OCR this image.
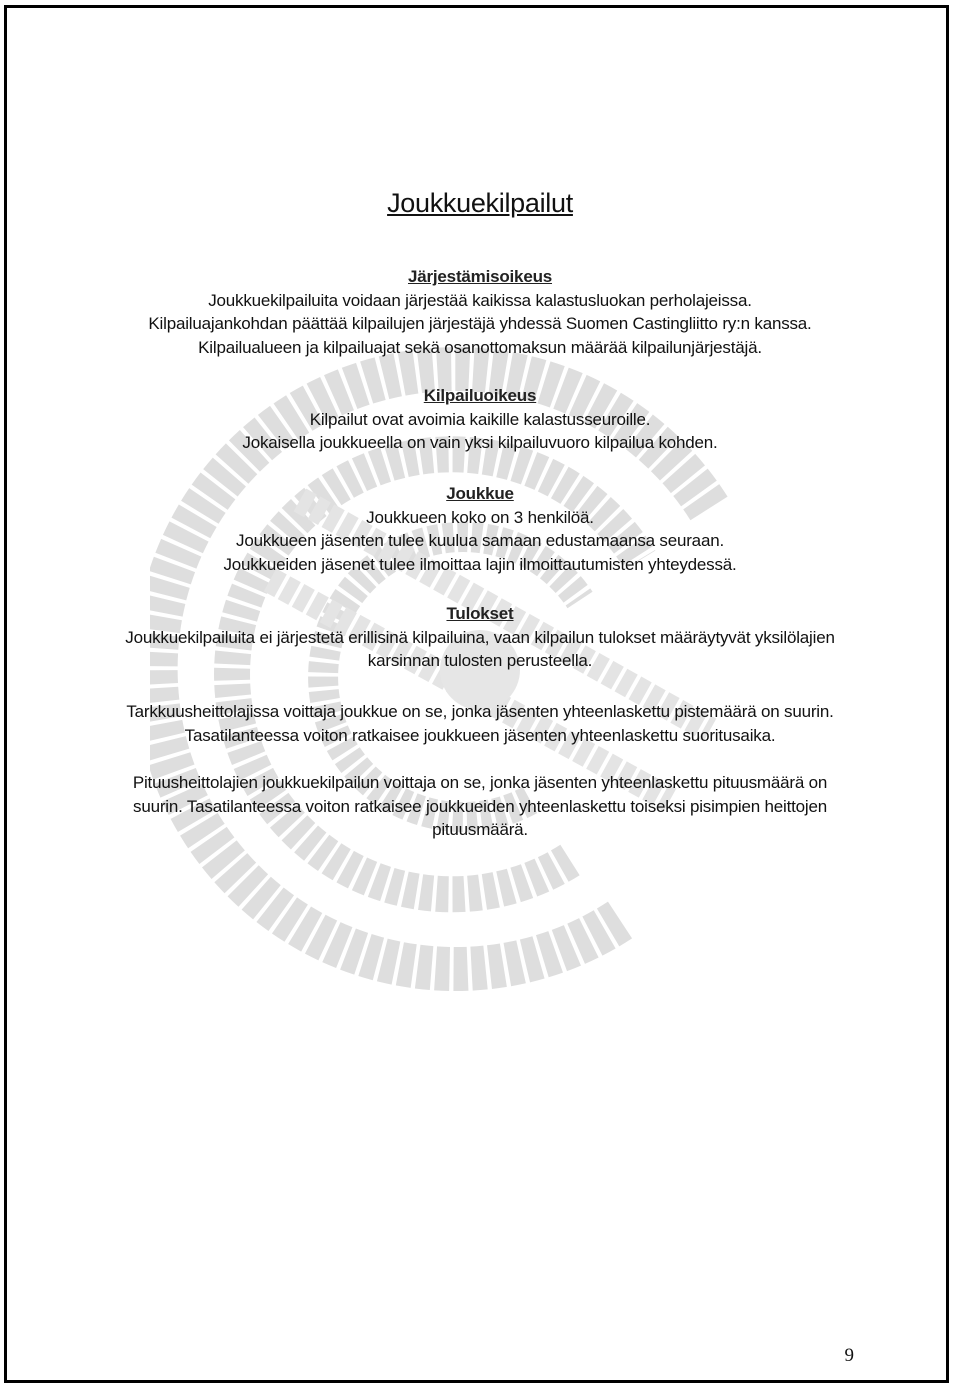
Joukkuekilpailut

Järjestämisoikeus

Joukkuekilpailuita voidaan järjestää kaikissa kalastusluokan perholajeissa.

Kilpailuajankohdan päättää kilpailujen järjestäjä yhdessä Suomen Castingliitto ry:n kanssa.

Kilpailualueen ja kilpailuajat sekä osanottomaksun määrää kilpailunjärjestäjä.

Kilpailuoikeus

Kilpailut ovat avoimia kaikille kalastusseuroille.

Jokaisella joukkueella on vain yksi kilpailuvuoro kilpailua kohden.

Joukkue

Joukkueen koko on 3 henkilöä.

Joukkueen jäsenten tulee kuulua samaan edustamaansa seuraan.

Joukkueiden jäsenet tulee ilmoittaa lajin ilmoittautumisten yhteydessä.

Tulokset

Joukkuekilpailuita ei järjestetä erillisinä kilpailuina, vaan kilpailun tulokset määräytyvät yksilölajien

karsinnan tulosten perusteella.

Tarkkuusheittolajissa voittaja joukkue on se, jonka jäsenten yhteenlaskettu pistemäärä on suurin.

Tasatilanteessa voiton ratkaisee joukkueen jäsenten yhteenlaskettu suoritusaika.

Pituusheittolajien joukkuekilpailun voittaja on se, jonka jäsenten yhteenlaskettu pituusmäärä on

suurin. Tasatilanteessa voiton ratkaisee joukkueiden yhteenlaskettu toiseksi pisimpien heittojen

pituusmäärä.

9
